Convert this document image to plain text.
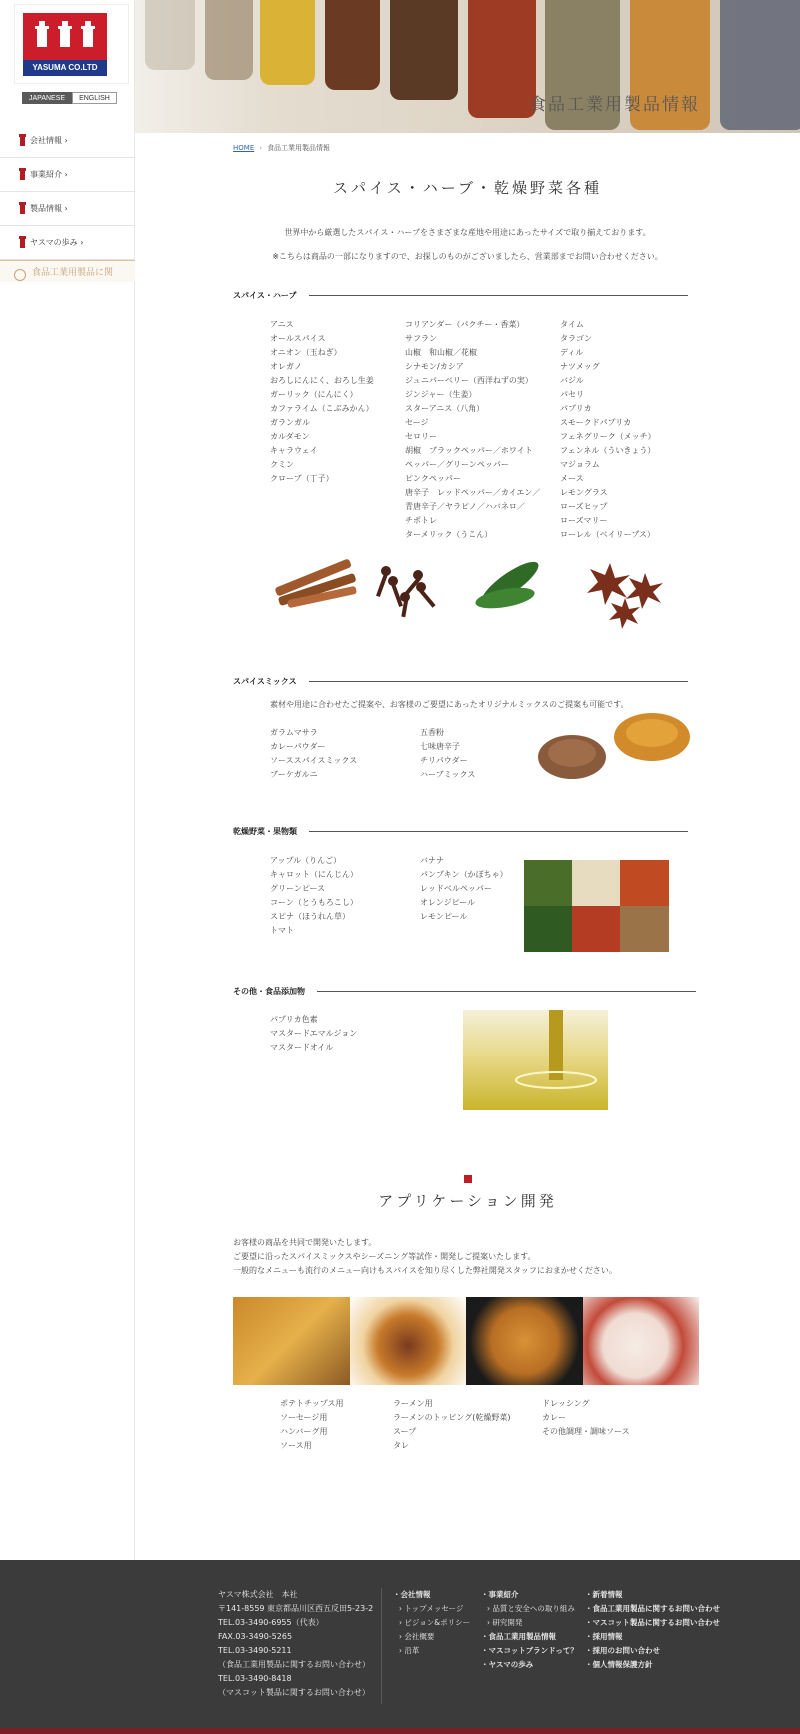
YASUMA CO.LTD
JAPANESE	ENGLISH
会社情報 ›
事業紹介 ›
製品情報 ›
ヤスマの歩み ›
食品工業用製品に関
食品工業用製品情報
HOME › 食品工業用製品情報
スパイス・ハーブ・乾燥野菜各種
世界中から厳選したスパイス・ハーブをさまざまな産地や用途にあったサイズで取り揃えております。
※こちらは商品の一部になりますので、お探しのものがございましたら、営業部までお問い合わせください。
スパイス・ハーブ
アニス
オールスパイス
オニオン（玉ねぎ）
オレガノ
おろしにんにく、おろし生姜
ガーリック（にんにく）
カファライム（こぶみかん）
ガランガル
カルダモン
キャラウェイ
クミン
クローブ（丁子）
コリアンダー（パクチー・香菜）
サフラン
山椒　和山椒／花椒
シナモン/カシア
ジュニパーベリー（西洋ねずの実）
ジンジャー（生姜）
スターアニス（八角）
セージ
セロリー
胡椒　ブラックペッパー／ホワイト
ペッパー／グリーンペッパー
ピンクペッパー
唐辛子　レッドペッパー／カイエン／
青唐辛子／ヤラピノ／ハバネロ／
チポトレ
ターメリック（うこん）
タイム
タラゴン
ディル
ナツメッグ
バジル
パセリ
パプリカ
スモークドパプリカ
フェネグリーク（メッチ）
フェンネル（ういきょう）
マジョラム
メース
レモングラス
ローズヒップ
ローズマリー
ローレル（ベイリーブス）
スパイスミックス
素材や用途に合わせたご提案や、お客様のご要望にあったオリジナルミックスのご提案も可能です。
ガラムマサラ
カレーパウダー
ソーススパイスミックス
ブーケガルニ
五香粉
七味唐辛子
チリパウダー
ハーブミックス
乾燥野菜・果物類
アップル（りんご）
キャロット（にんじん）
グリーンピース
コーン（とうもろこし）
スピナ（ほうれん草）
トマト
バナナ
パンプキン（かぼちゃ）
レッドベルペッパー
オレンジピール
レモンピール
その他・食品添加物
パプリカ色素
マスタードエマルジョン
マスタードオイル
アプリケーション開発
お客様の商品を共同で開発いたします。
ご要望に沿ったスパイスミックスやシーズニング等試作・開発しご提案いたします。
一般的なメニューも流行のメニュー向けもスパイスを知り尽くした弊社開発スタッフにおまかせください。
ポテトチップス用
ソーセージ用
ハンバーグ用
ソース用
ラーメン用
ラーメンのトッピング(乾燥野菜)
スープ
タレ
ドレッシング
カレー
その他調理・調味ソース
ヤスマ株式会社　本社
〒141-8559 東京都品川区西五反田5-23-2
TEL.03-3490-6955（代表）
FAX.03-3490-5265
TEL.03-3490-5211
（食品工業用製品に関するお問い合わせ）
TEL.03-3490-8418
（マスコット製品に関するお問い合わせ）
・会社情報
› トップメッセージ
› ビジョン&ポリシー
› 会社概要
› 沿革
・事業紹介
› 品質と安全への取り組み
› 研究開発
・食品工業用製品情報
・マスコットブランドって？
・ヤスマの歩み
・新着情報
・食品工業用製品に関するお問い合わせ
・マスコット製品に関するお問い合わせ
・採用情報
・採用のお問い合わせ
・個人情報保護方針
